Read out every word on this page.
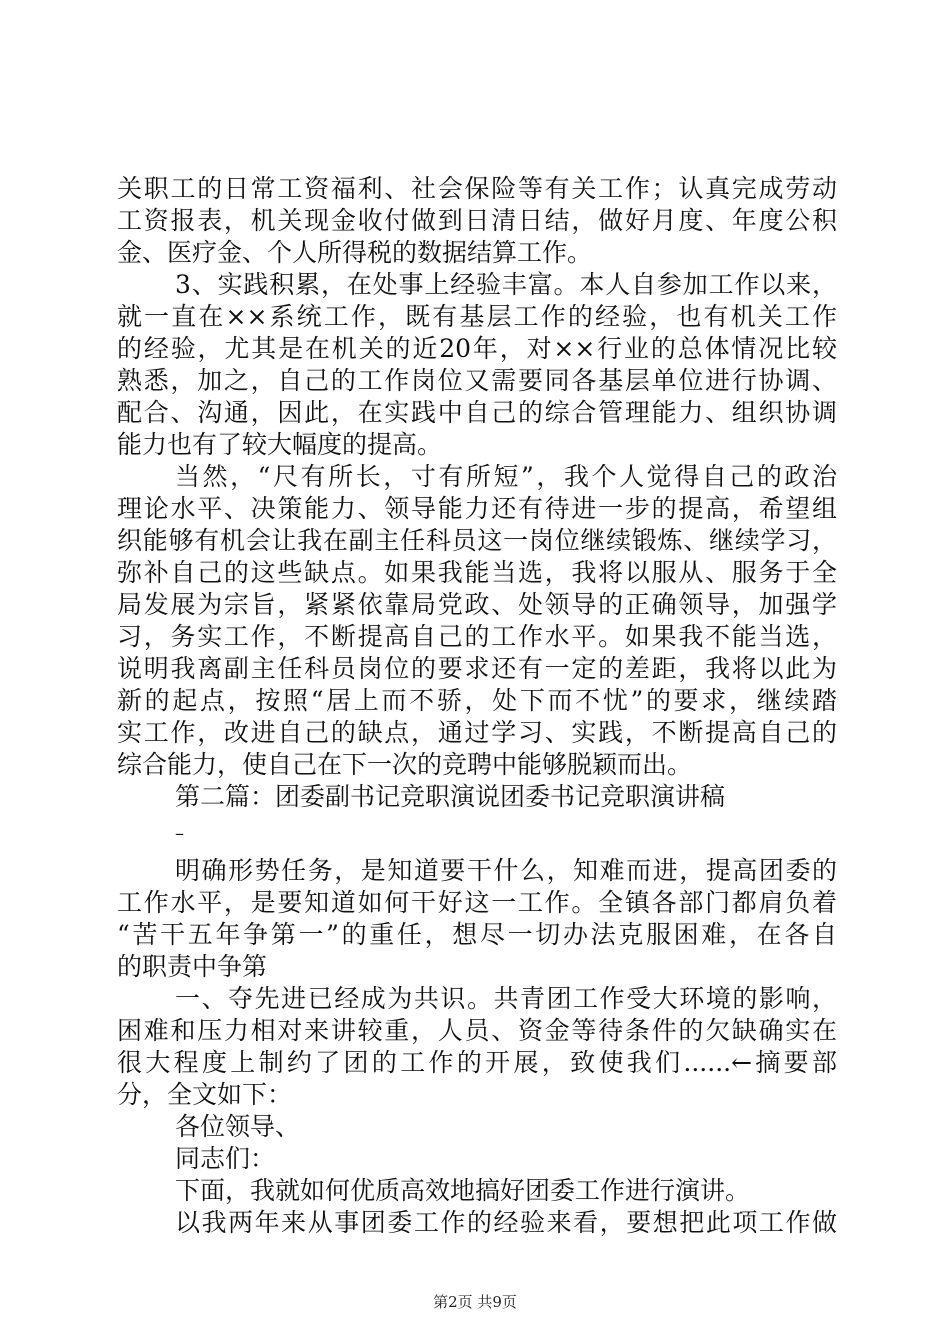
关职工的日常工资福利、社会保险等有关工作；认真完成劳动
工资报表，机关现金收付做到日清日结，做好月度、年度公积
金、医疗金、个人所得税的数据结算工作。
3、实践积累，在处事上经验丰富。本人自参加工作以来，
就一直在××系统工作，既有基层工作的经验，也有机关工作
的经验，尤其是在机关的近20年，对××行业的总体情况比较
熟悉，加之，自己的工作岗位又需要同各基层单位进行协调、
配合、沟通，因此，在实践中自己的综合管理能力、组织协调
能力也有了较大幅度的提高。
当然，“尺有所长，寸有所短”，我个人觉得自己的政治
理论水平、决策能力、领导能力还有待进一步的提高，希望组
织能够有机会让我在副主任科员这一岗位继续锻炼、继续学习，
弥补自己的这些缺点。如果我能当选，我将以服从、服务于全
局发展为宗旨，紧紧依靠局党政、处领导的正确领导，加强学
习，务实工作，不断提高自己的工作水平。如果我不能当选，
说明我离副主任科员岗位的要求还有一定的差距，我将以此为
新的起点，按照“居上而不骄，处下而不忧”的要求，继续踏
实工作，改进自己的缺点，通过学习、实践，不断提高自己的
综合能力，使自己在下一次的竞聘中能够脱颖而出。
第二篇：团委副书记竞职演说团委书记竞职演讲稿
–
明确形势任务，是知道要干什么，知难而进，提高团委的
工作水平，是要知道如何干好这一工作。全镇各部门都肩负着
“苦干五年争第一”的重任，想尽一切办法克服困难，在各自
的职责中争第
一、夺先进已经成为共识。共青团工作受大环境的影响，
困难和压力相对来讲较重，人员、资金等待条件的欠缺确实在
很大程度上制约了团的工作的开展，致使我们......←摘要部
分，全文如下：
各位领导、
同志们：
下面，我就如何优质高效地搞好团委工作进行演讲。
以我两年来从事团委工作的经验来看，要想把此项工作做
第2页 共9页
